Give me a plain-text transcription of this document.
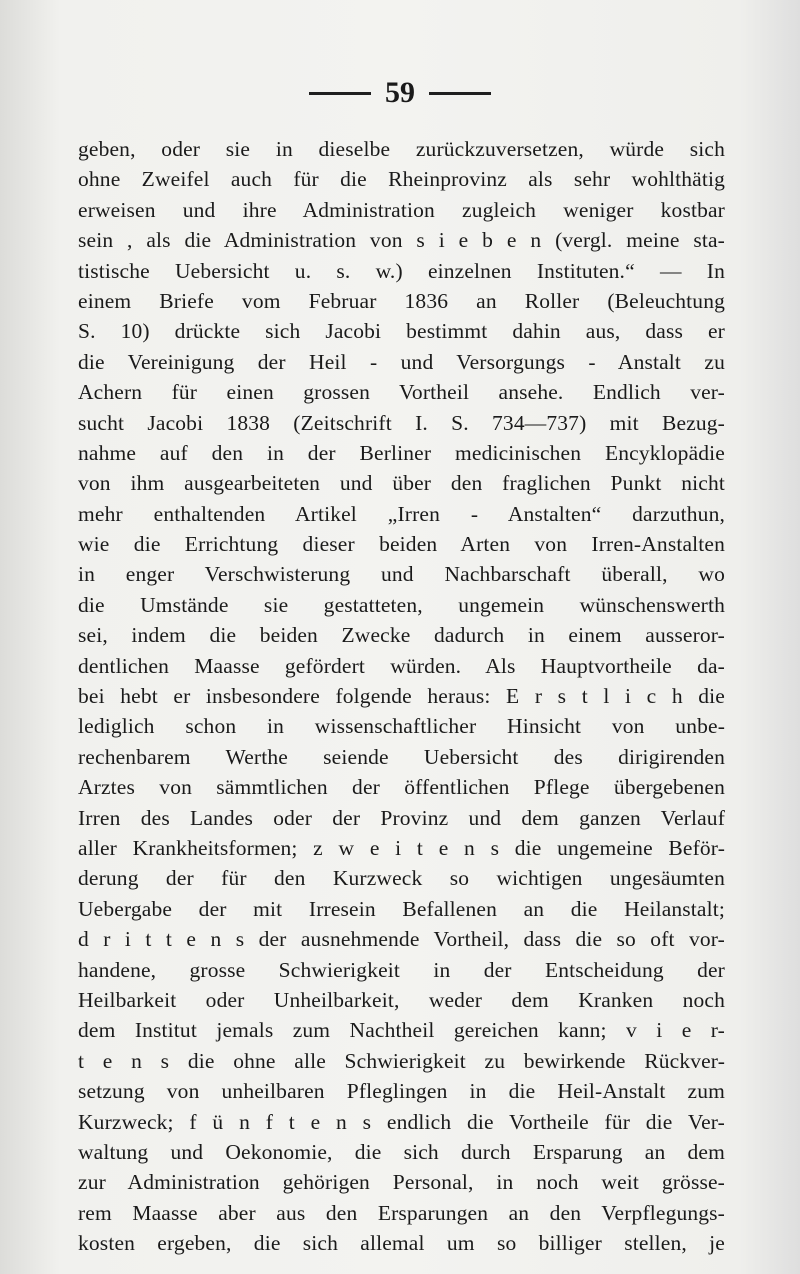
59
geben, oder sie in dieselbe zurückzuversetzen, würde sich
ohne Zweifel auch für die Rheinprovinz als sehr wohlthätig
erweisen und ihre Administration zugleich weniger kostbar
sein , als die Administration von s i e b e n (vergl. meine sta-
tistische Uebersicht u. s. w.) einzelnen Instituten.“ — In
einem Briefe vom Februar 1836 an Roller (Beleuchtung
S. 10) drückte sich Jacobi bestimmt dahin aus, dass er
die Vereinigung der Heil - und Versorgungs - Anstalt zu
Achern für einen grossen Vortheil ansehe. Endlich ver-
sucht Jacobi 1838 (Zeitschrift I. S. 734—737) mit Bezug-
nahme auf den in der Berliner medicinischen Encyklopädie
von ihm ausgearbeiteten und über den fraglichen Punkt nicht
mehr enthaltenden Artikel „Irren - Anstalten“ darzuthun,
wie die Errichtung dieser beiden Arten von Irren-Anstalten
in enger Verschwisterung und Nachbarschaft überall, wo
die Umstände sie gestatteten, ungemein wünschenswerth
sei, indem die beiden Zwecke dadurch in einem ausseror-
dentlichen Maasse gefördert würden. Als Hauptvortheile da-
bei hebt er insbesondere folgende heraus: E r s t l i c h die
lediglich schon in wissenschaftlicher Hinsicht von unbe-
rechenbarem Werthe seiende Uebersicht des dirigirenden
Arztes von sämmtlichen der öffentlichen Pflege übergebenen
Irren des Landes oder der Provinz und dem ganzen Verlauf
aller Krankheitsformen; z w e i t e n s die ungemeine Beför-
derung der für den Kurzweck so wichtigen ungesäumten
Uebergabe der mit Irresein Befallenen an die Heilanstalt;
d r i t t e n s der ausnehmende Vortheil, dass die so oft vor-
handene, grosse Schwierigkeit in der Entscheidung der
Heilbarkeit oder Unheilbarkeit, weder dem Kranken noch
dem Institut jemals zum Nachtheil gereichen kann; v i e r-
t e n s die ohne alle Schwierigkeit zu bewirkende Rückver-
setzung von unheilbaren Pfleglingen in die Heil-Anstalt zum
Kurzweck; f ü n f t e n s endlich die Vortheile für die Ver-
waltung und Oekonomie, die sich durch Ersparung an dem
zur Administration gehörigen Personal, in noch weit grösse-
rem Maasse aber aus den Ersparungen an den Verpflegungs-
kosten ergeben, die sich allemal um so billiger stellen, je
